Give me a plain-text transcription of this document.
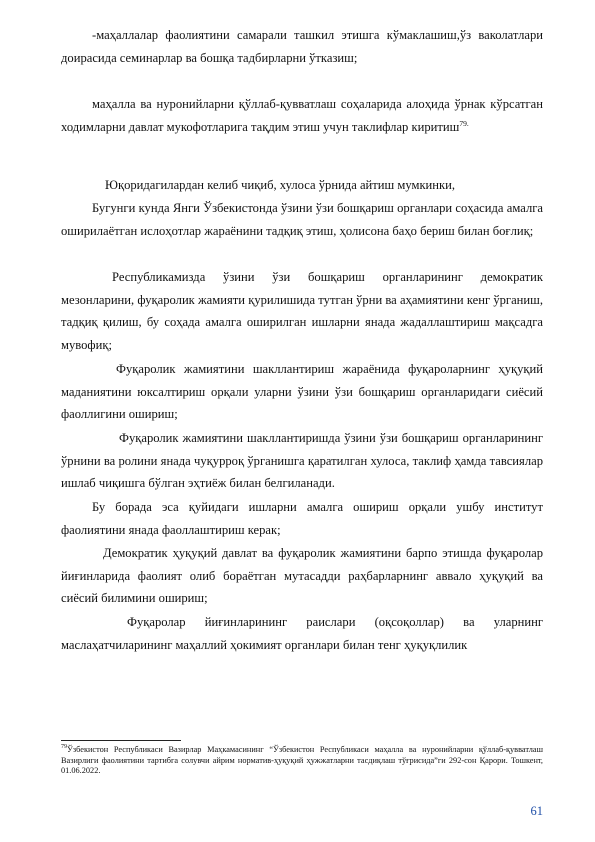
-маҳаллалар фаолиятини самарали ташкил этишга кўмаклашиш,ўз ваколатлари доирасида семинарлар ва бошқа тадбирларни ўтказиш;

маҳалла ва нуронийларни қўллаб-қувватлаш соҳаларида алоҳида ўрнак кўрсатган ходимларни давлат мукофотларига тақдим этиш учун таклифлар киритиш$^{79.}$

Юқоридагилардан келиб чиқиб, хулоса ўрнида айтиш мумкинки,

Бугунги кунда Янги Ўзбекистонда ўзини ўзи бошқариш органлари соҳасида амалга оширилаётган ислоҳотлар жараёнини тадқиқ этиш, ҳолисона баҳо бериш билан боғлиқ;

Республикамизда ўзини ўзи бошқариш органларининг демократик мезонларини, фуқаролик жамияти қурилишида тутган ўрни ва аҳамиятини кенг ўрганиш, тадқиқ қилиш, бу соҳада амалга оширилган ишларни янада жадаллаштириш мақсадга мувофиқ;

Фуқаролик жамиятини шакллантириш жараёнида фуқароларнинг ҳуқуқий маданиятини юксалтириш орқали уларни ўзини ўзи бошқариш органларидаги сиёсий фаоллигини ошириш;

Фуқаролик жамиятини шакллантиришда ўзини ўзи бошқариш органларининг ўрнини ва ролини янада чуқурроқ ўрганишга қаратилган хулоса, таклиф ҳамда тавсиялар ишлаб чиқишга бўлган эҳтиёж билан белгиланади.

Бу борада эса қуйидаги ишларни амалга ошириш орқали ушбу институт фаолиятини янада фаоллаштириш керак;

Демократик ҳуқуқий давлат ва фуқаролик жамиятини барпо этишда фуқаролар йиғинларида фаолият олиб бораётган мутасадди раҳбарларнинг аввало ҳуқуқий ва сиёсий билимини ошириш;

Фуқаролар йиғинларининг раислари (оқсоқоллар) ва уларнинг маслаҳатчиларининг маҳаллий ҳокимият органлари билан тенг ҳуқуқлилик

$^{79}$Ўзбекистон Республикаси Вазирлар Маҳкамасининг “Ўзбекистон Республикаси маҳалла ва нуронийларни қўллаб-қувватлаш Вазирлиги фаолиятини тартибга солувчи айрим норматив-ҳуқуқий ҳужжатларни тасдиқлаш тўғрисида”ги 292-сон Қарори. Тошкент, 01.06.2022.

61
